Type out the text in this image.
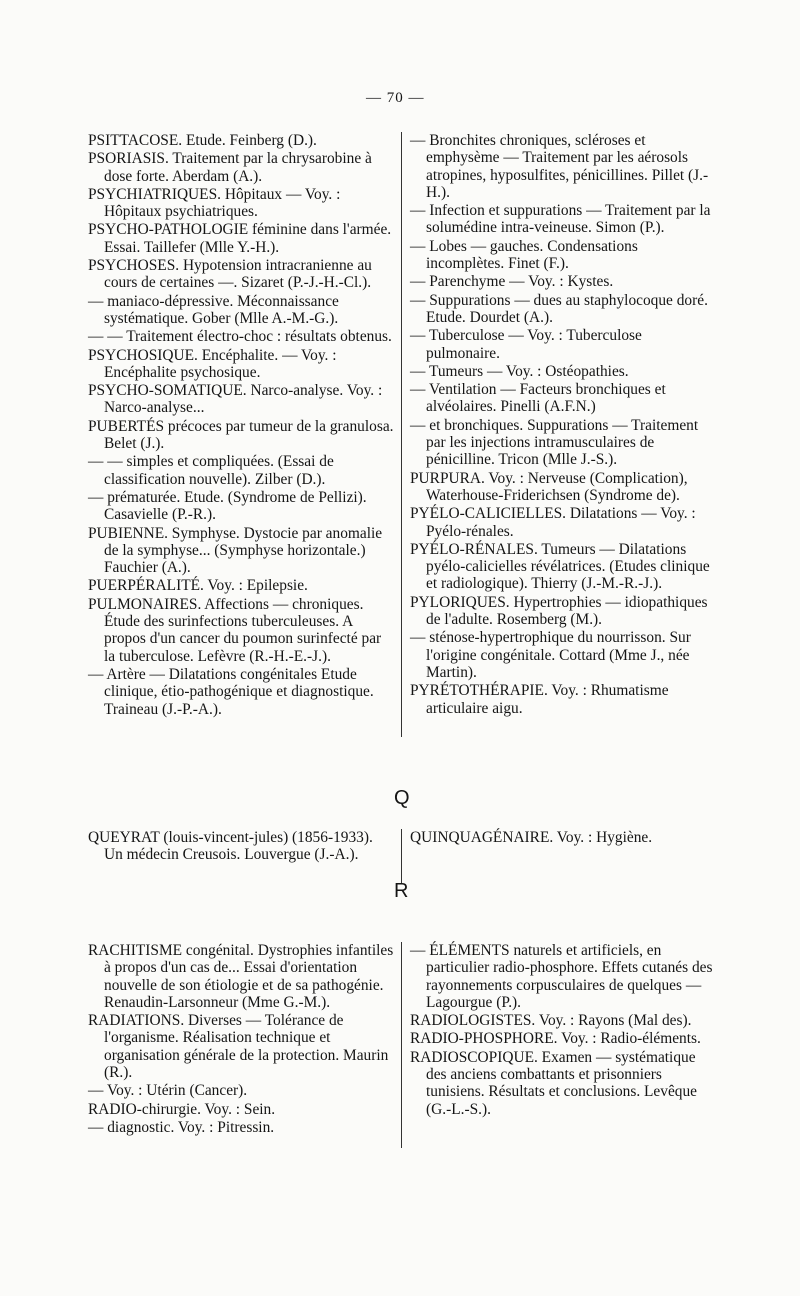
— 70 —

PSITTACOSE. Etude. Feinberg (D.).

PSORIASIS. Traitement par la chrysarobine à dose forte. Aberdam (A.).

PSYCHIATRIQUES. Hôpitaux — Voy. : Hôpitaux psychiatriques.

PSYCHO-PATHOLOGIE féminine dans l'armée. Essai. Taillefer (Mlle Y.-H.).

PSYCHOSES. Hypotension intracranienne au cours de certaines —. Sizaret (P.-J.-H.-Cl.).

— maniaco-dépressive. Méconnaissance systématique. Gober (Mlle A.-M.-G.).

— — Traitement électro-choc : résultats obtenus.

PSYCHOSIQUE. Encéphalite. — Voy. : Encéphalite psychosique.

PSYCHO-SOMATIQUE. Narco-analyse. Voy. : Narco-analyse...

PUBERTÉS précoces par tumeur de la granulosa. Belet (J.).

— — simples et compliquées. (Essai de classification nouvelle). Zilber (D.).

— prématurée. Etude. (Syndrome de Pellizi). Casavielle (P.-R.).

PUBIENNE. Symphyse. Dystocie par anomalie de la symphyse... (Symphyse horizontale.) Fauchier (A.).

PUERPÉRALITÉ. Voy. : Epilepsie.

PULMONAIRES. Affections — chroniques. Étude des surinfections tuberculeuses. A propos d'un cancer du poumon surinfecté par la tuberculose. Lefèvre (R.-H.-E.-J.).

— Artère — Dilatations congénitales Etude clinique, étio-pathogénique et diagnostique. Traineau (J.-P.-A.).

— Bronchites chroniques, scléroses et emphysème — Traitement par les aérosols atropines, hyposulfites, pénicillines. Pillet (J.-H.).

— Infection et suppurations — Traitement par la solumédine intra-veineuse. Simon (P.).

— Lobes — gauches. Condensations incomplètes. Finet (F.).

— Parenchyme — Voy. : Kystes.

— Suppurations — dues au staphylocoque doré. Etude. Dourdet (A.).

— Tuberculose — Voy. : Tuberculose pulmonaire.

— Tumeurs — Voy. : Ostéopathies.

— Ventilation — Facteurs bronchiques et alvéolaires. Pinelli (A.F.N.)

— et bronchiques. Suppurations — Traitement par les injections intramusculaires de pénicilline. Tricon (Mlle J.-S.).

PURPURA. Voy. : Nerveuse (Complication), Waterhouse-Friderichsen (Syndrome de).

PYÉLO-CALICIELLES. Dilatations — Voy. : Pyélo-rénales.

PYÉLO-RÉNALES. Tumeurs — Dilatations pyélo-calicielles révélatrices. (Etudes clinique et radiologique). Thierry (J.-M.-R.-J.).

PYLORIQUES. Hypertrophies — idiopathiques de l'adulte. Rosemberg (M.).

— sténose-hypertrophique du nourrisson. Sur l'origine congénitale. Cottard (Mme J., née Martin).

PYRÉTOTHÉRAPIE. Voy. : Rhumatisme articulaire aigu.

Q

QUEYRAT (louis-vincent-jules) (1856-1933). Un médecin Creusois. Louvergue (J.-A.).

QUINQUAGÉNAIRE. Voy. : Hygiène.

R

RACHITISME congénital. Dystrophies infantiles à propos d'un cas de... Essai d'orientation nouvelle de son étiologie et de sa pathogénie. Renaudin-Larsonneur (Mme G.-M.).

RADIATIONS. Diverses — Tolérance de l'organisme. Réalisation technique et organisation générale de la protection. Maurin (R.).

— Voy. : Utérin (Cancer).

RADIO-chirurgie. Voy. : Sein.

— diagnostic. Voy. : Pitressin.

— ÉLÉMENTS naturels et artificiels, en particulier radio-phosphore. Effets cutanés des rayonnements corpusculaires de quelques — Lagourgue (P.).

RADIOLOGISTES. Voy. : Rayons (Mal des).

RADIO-PHOSPHORE. Voy. : Radio-éléments.

RADIOSCOPIQUE. Examen — systématique des anciens combattants et prisonniers tunisiens. Résultats et conclusions. Levêque (G.-L.-S.).
